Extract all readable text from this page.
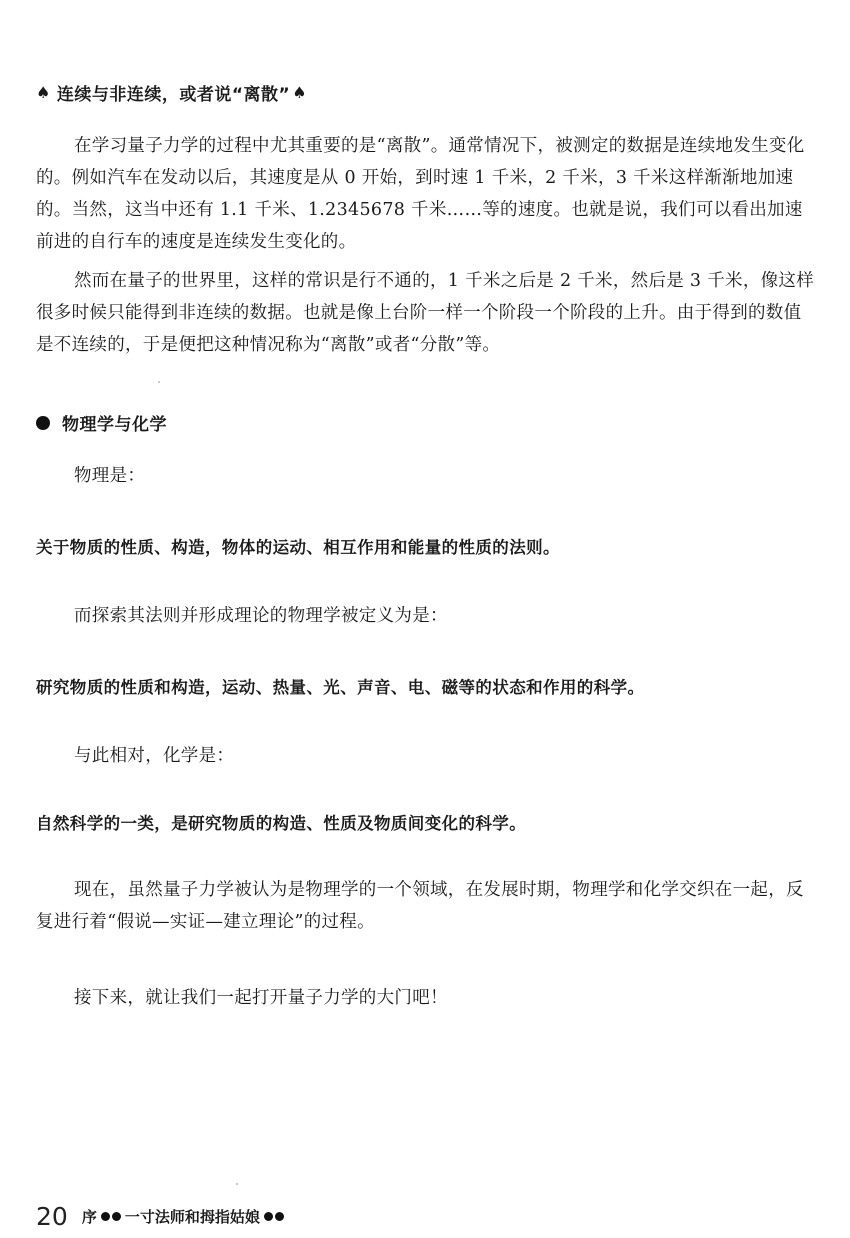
♠ 连续与非连续，或者说“离散” ♠

在学习量子力学的过程中尤其重要的是“离散”。通常情况下，被测定的数据是连续地发生变化的。例如汽车在发动以后，其速度是从 0 开始，到时速 1 千米，2 千米，3 千米这样渐渐地加速的。当然，这当中还有 1.1 千米、1.2345678 千米……等的速度。也就是说，我们可以看出加速前进的自行车的速度是连续发生变化的。

然而在量子的世界里，这样的常识是行不通的，1 千米之后是 2 千米，然后是 3 千米，像这样很多时候只能得到非连续的数据。也就是像上台阶一样一个阶段一个阶段的上升。由于得到的数值是不连续的，于是便把这种情况称为“离散”或者“分散”等。

物理学与化学
物理是：
关于物质的性质、构造，物体的运动、相互作用和能量的性质的法则。
而探索其法则并形成理论的物理学被定义为是：
研究物质的性质和构造，运动、热量、光、声音、电、磁等的状态和作用的科学。
与此相对，化学是：
自然科学的一类，是研究物质的构造、性质及物质间变化的科学。

现在，虽然量子力学被认为是物理学的一个领域，在发展时期，物理学和化学交织在一起，反复进行着“假说—实证—建立理论”的过程。

接下来，就让我们一起打开量子力学的大门吧！
20 序 一寸法师和拇指姑娘
